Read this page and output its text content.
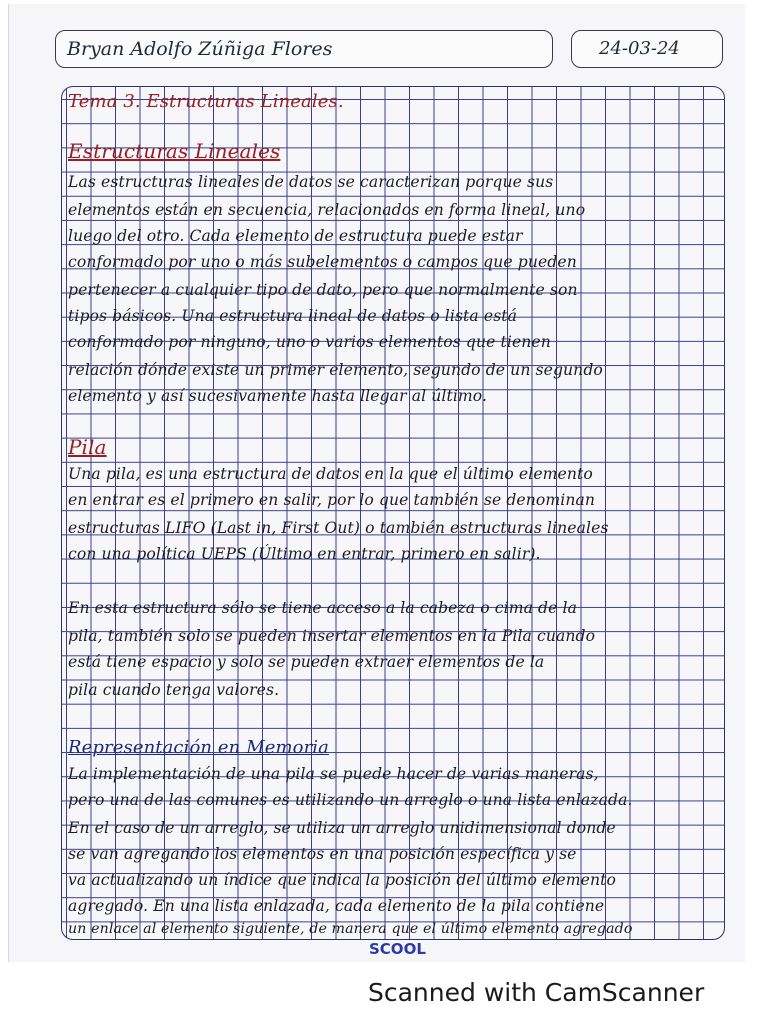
Bryan Adolfo Zúñiga Flores	24-03-24
Tema 3. Estructuras Lineales.
Estructuras Lineales
Las estructuras lineales de datos se caracterizan porque sus
elementos están en secuencia, relacionados en forma lineal, uno
luego del otro. Cada elemento de estructura puede estar
conformado por uno o más subelementos o campos que pueden
pertenecer a cualquier tipo de dato, pero que normalmente son
tipos básicos. Una estructura lineal de datos o lista está
conformado por ninguno, uno o varios elementos que tienen
relación dónde existe un primer elemento, segundo de un segundo
elemento y así sucesivamente hasta llegar al último.
Pila
Una pila, es una estructura de datos en la que el último elemento
en entrar es el primero en salir, por lo que también se denominan
estructuras LIFO (Last in, First Out) o también estructuras lineales
con una política UEPS (Último en entrar, primero en salir).
En esta estructura sólo se tiene acceso a la cabeza o cima de la
pila, también solo se pueden insertar elementos en la Pila cuando
está tiene espacio y solo se pueden extraer elementos de la
pila cuando tenga valores.
Representación en Memoria
La implementación de una pila se puede hacer de varias maneras,
pero una de las comunes es utilizando un arreglo o una lista enlazada.
En el caso de un arreglo, se utiliza un arreglo unidimensional donde
se van agregando los elementos en una posición específica y se
va actualizando un índice que indica la posición del último elemento
agregado. En una lista enlazada, cada elemento de la pila contiene
un enlace al elemento siguiente, de manera que el último elemento agregado
SCOOL
Scanned with CamScanner
